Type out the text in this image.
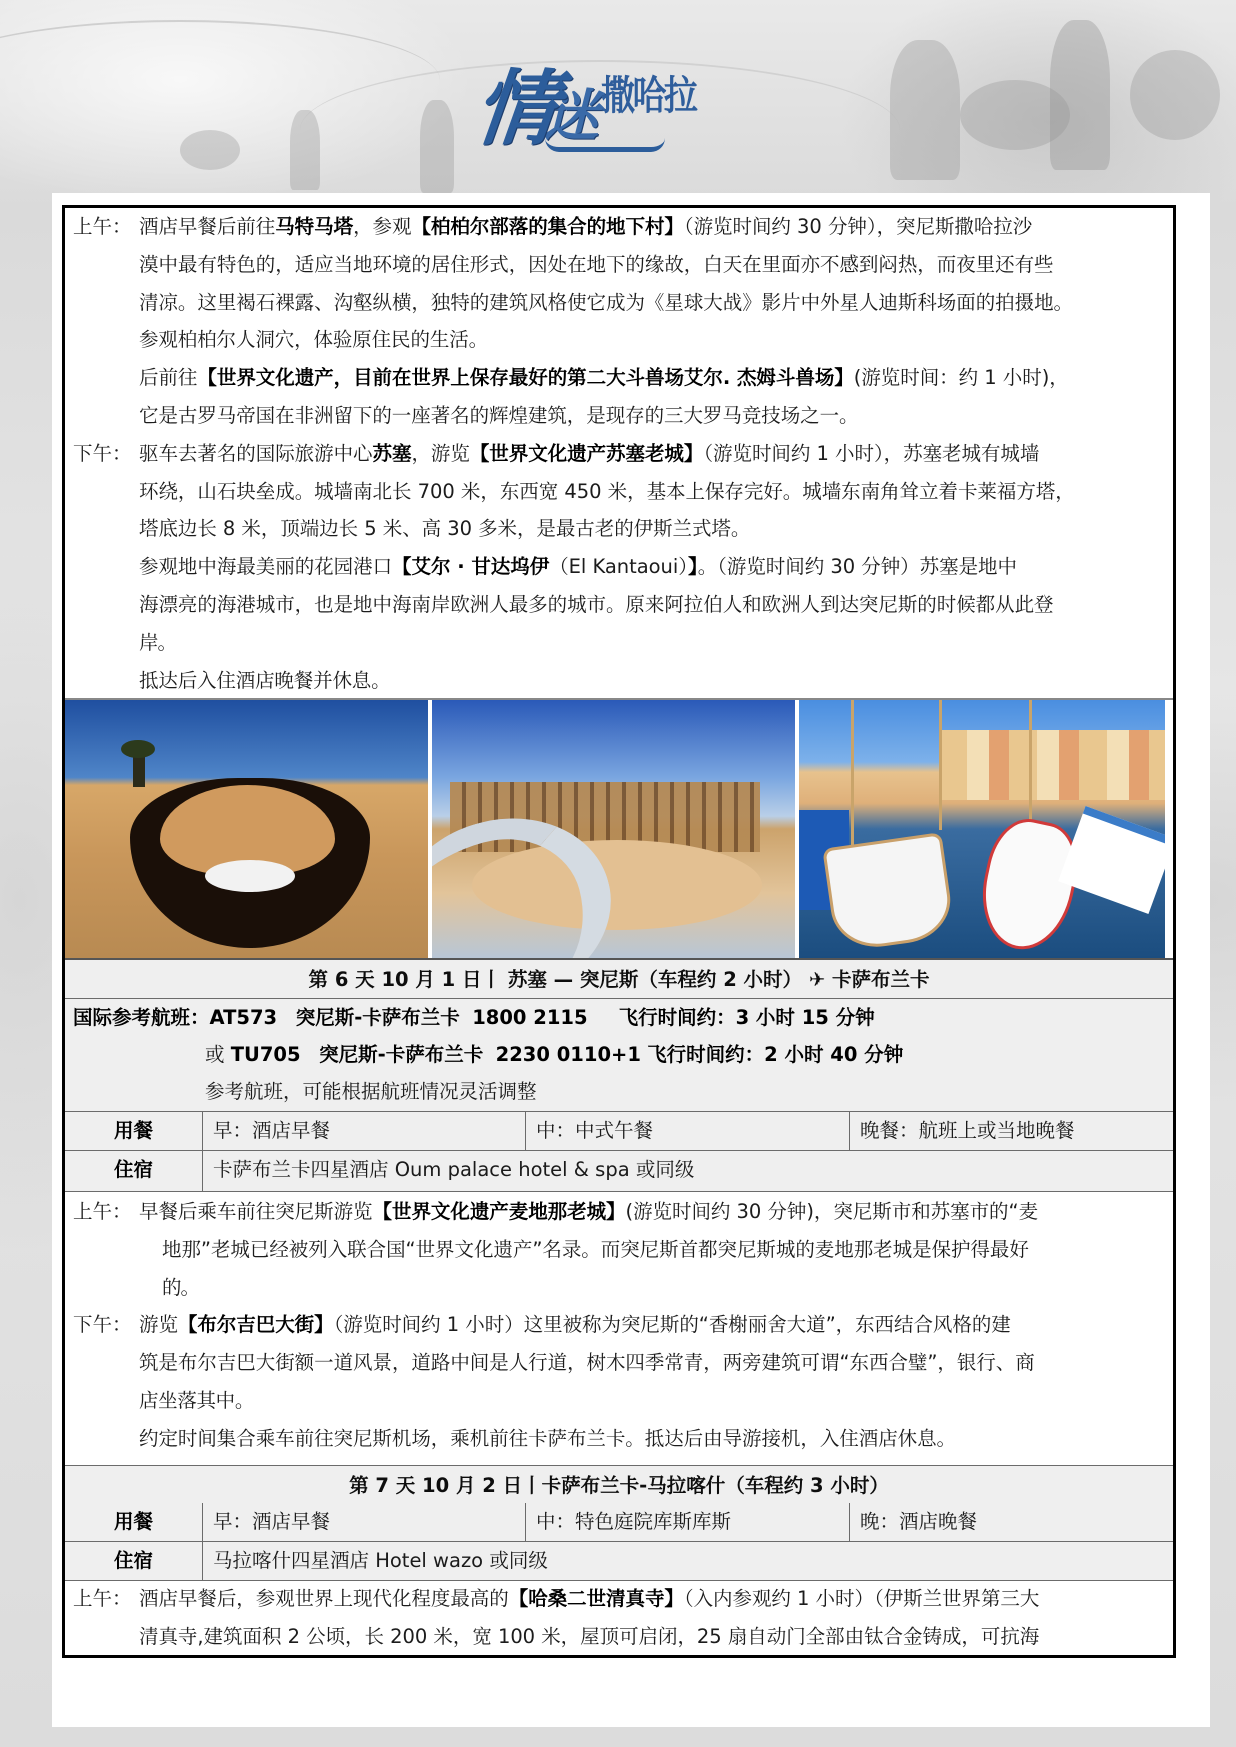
情
迷 撒哈拉
上午： 酒店早餐后前往马特马塔，参观【柏柏尔部落的集合的地下村】（游览时间约 30 分钟），突尼斯撒哈拉沙
漠中最有特色的，适应当地环境的居住形式，因处在地下的缘故，白天在里面亦不感到闷热，而夜里还有些
清凉。这里褐石裸露、沟壑纵横，独特的建筑风格使它成为《星球大战》影片中外星人迪斯科场面的拍摄地。
参观柏柏尔人洞穴，体验原住民的生活。
后前往【世界文化遗产，目前在世界上保存最好的第二大斗兽场艾尔. 杰姆斗兽场】(游览时间：约 1 小时)，
它是古罗马帝国在非洲留下的一座著名的辉煌建筑，是现存的三大罗马竞技场之一。
下午： 驱车去著名的国际旅游中心苏塞，游览【世界文化遗产苏塞老城】（游览时间约 1 小时），苏塞老城有城墙
环绕，山石块垒成。城墙南北长 700 米，东西宽 450 米，基本上保存完好。城墙东南角耸立着卡莱福方塔，
塔底边长 8 米，顶端边长 5 米、高 30 多米，是最古老的伊斯兰式塔。
参观地中海最美丽的花园港口【艾尔 · 甘达坞伊（El Kantaoui）】。（游览时间约 30 分钟）苏塞是地中
海漂亮的海港城市，也是地中海南岸欧洲人最多的城市。原来阿拉伯人和欧洲人到达突尼斯的时候都从此登
岸。
抵达后入住酒店晚餐并休息。
第 6 天 10 月 1 日丨 苏塞 — 突尼斯（车程约 2 小时） ✈ 卡萨布兰卡
国际参考航班：AT573 突尼斯-卡萨布兰卡 1800 2115 飞行时间约：3 小时 15 分钟
或 TU705 突尼斯-卡萨布兰卡 2230 0110+1 飞行时间约：2 小时 40 分钟
参考航班，可能根据航班情况灵活调整
用餐	早：酒店早餐	中：中式午餐	晚餐：航班上或当地晚餐
住宿	卡萨布兰卡四星酒店 Oum palace hotel & spa 或同级
上午： 早餐后乘车前往突尼斯游览【世界文化遗产麦地那老城】(游览时间约 30 分钟)，突尼斯市和苏塞市的“麦
地那”老城已经被列入联合国“世界文化遗产”名录。而突尼斯首都突尼斯城的麦地那老城是保护得最好
的。
下午： 游览【布尔吉巴大街】（游览时间约 1 小时）这里被称为突尼斯的“香榭丽舍大道”，东西结合风格的建
筑是布尔吉巴大街额一道风景，道路中间是人行道，树木四季常青，两旁建筑可谓“东西合璧”，银行、商
店坐落其中。
约定时间集合乘车前往突尼斯机场，乘机前往卡萨布兰卡。抵达后由导游接机，入住酒店休息。
第 7 天 10 月 2 日丨卡萨布兰卡-马拉喀什（车程约 3 小时）
用餐	早：酒店早餐	中：特色庭院库斯库斯	晚：酒店晚餐
住宿	马拉喀什四星酒店 Hotel wazo 或同级
上午： 酒店早餐后，参观世界上现代化程度最高的【哈桑二世清真寺】（入内参观约 1 小时）（伊斯兰世界第三大
清真寺,建筑面积 2 公顷，长 200 米，宽 100 米，屋顶可启闭，25 扇自动门全部由钛合金铸成，可抗海
